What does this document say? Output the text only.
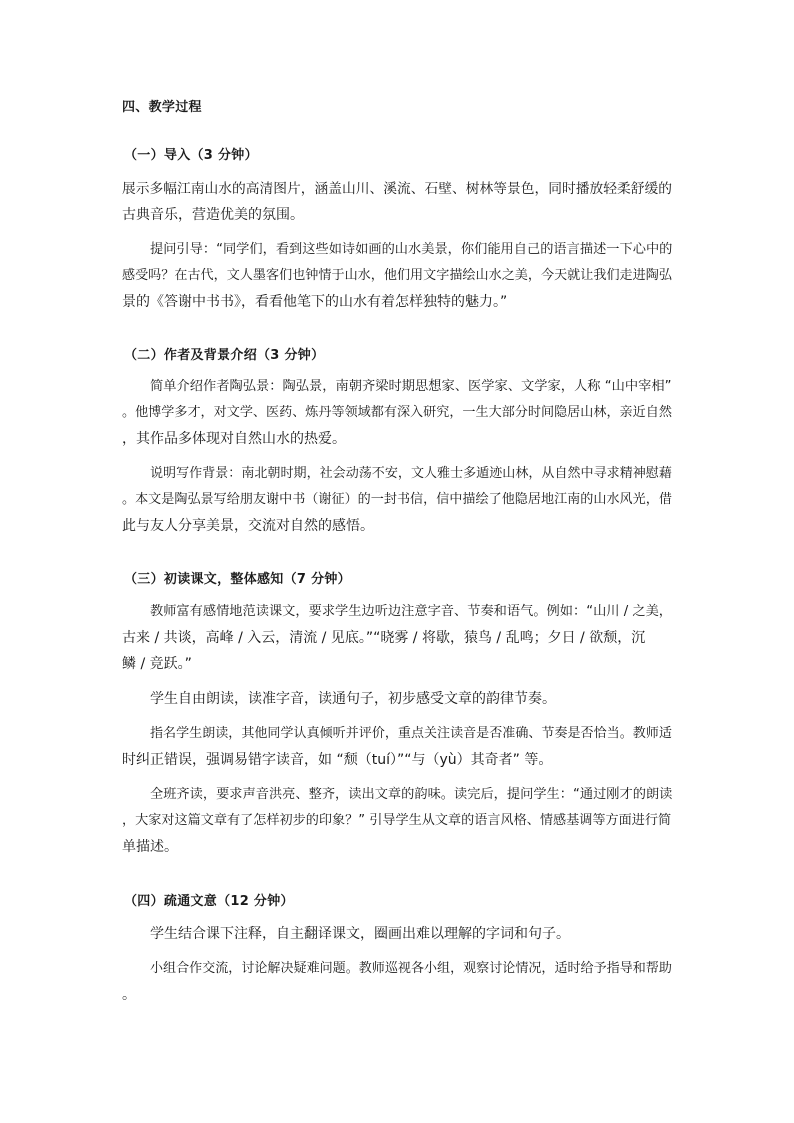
四、教学过程
（一）导入（3 分钟）
展示多幅江南山水的高清图片，涵盖山川、溪流、石壁、树林等景色，同时播放轻柔舒缓的
古典音乐，营造优美的氛围。
提问引导：“同学们，看到这些如诗如画的山水美景，你们能用自己的语言描述一下心中的
感受吗？在古代，文人墨客们也钟情于山水，他们用文字描绘山水之美，今天就让我们走进陶弘
景的《答谢中书书》，看看他笔下的山水有着怎样独特的魅力。”
（二）作者及背景介绍（3 分钟）
简单介绍作者陶弘景：陶弘景，南朝齐梁时期思想家、医学家、文学家，人称 “山中宰相”
。他博学多才，对文学、医药、炼丹等领域都有深入研究，一生大部分时间隐居山林，亲近自然
，其作品多体现对自然山水的热爱。
说明写作背景：南北朝时期，社会动荡不安，文人雅士多遁迹山林，从自然中寻求精神慰藉
。本文是陶弘景写给朋友谢中书（谢征）的一封书信，信中描绘了他隐居地江南的山水风光，借
此与友人分享美景，交流对自然的感悟。
（三）初读课文，整体感知（7 分钟）
教师富有感情地范读课文，要求学生边听边注意字音、节奏和语气。例如：“山川 / 之美，
古来 / 共谈，高峰 / 入云，清流 / 见底。”“晓雾 / 将歇，猿鸟 / 乱鸣；夕日 / 欲颓，沉
鳞 / 竞跃。”
学生自由朗读，读准字音，读通句子，初步感受文章的韵律节奏。
指名学生朗读，其他同学认真倾听并评价，重点关注读音是否准确、节奏是否恰当。教师适
时纠正错误，强调易错字读音，如 “颓（tuí）”“与（yù）其奇者” 等。
全班齐读，要求声音洪亮、整齐，读出文章的韵味。读完后，提问学生：“通过刚才的朗读
，大家对这篇文章有了怎样初步的印象？” 引导学生从文章的语言风格、情感基调等方面进行简
单描述。
（四）疏通文意（12 分钟）
学生结合课下注释，自主翻译课文，圈画出难以理解的字词和句子。
小组合作交流，讨论解决疑难问题。教师巡视各小组，观察讨论情况，适时给予指导和帮助
。
